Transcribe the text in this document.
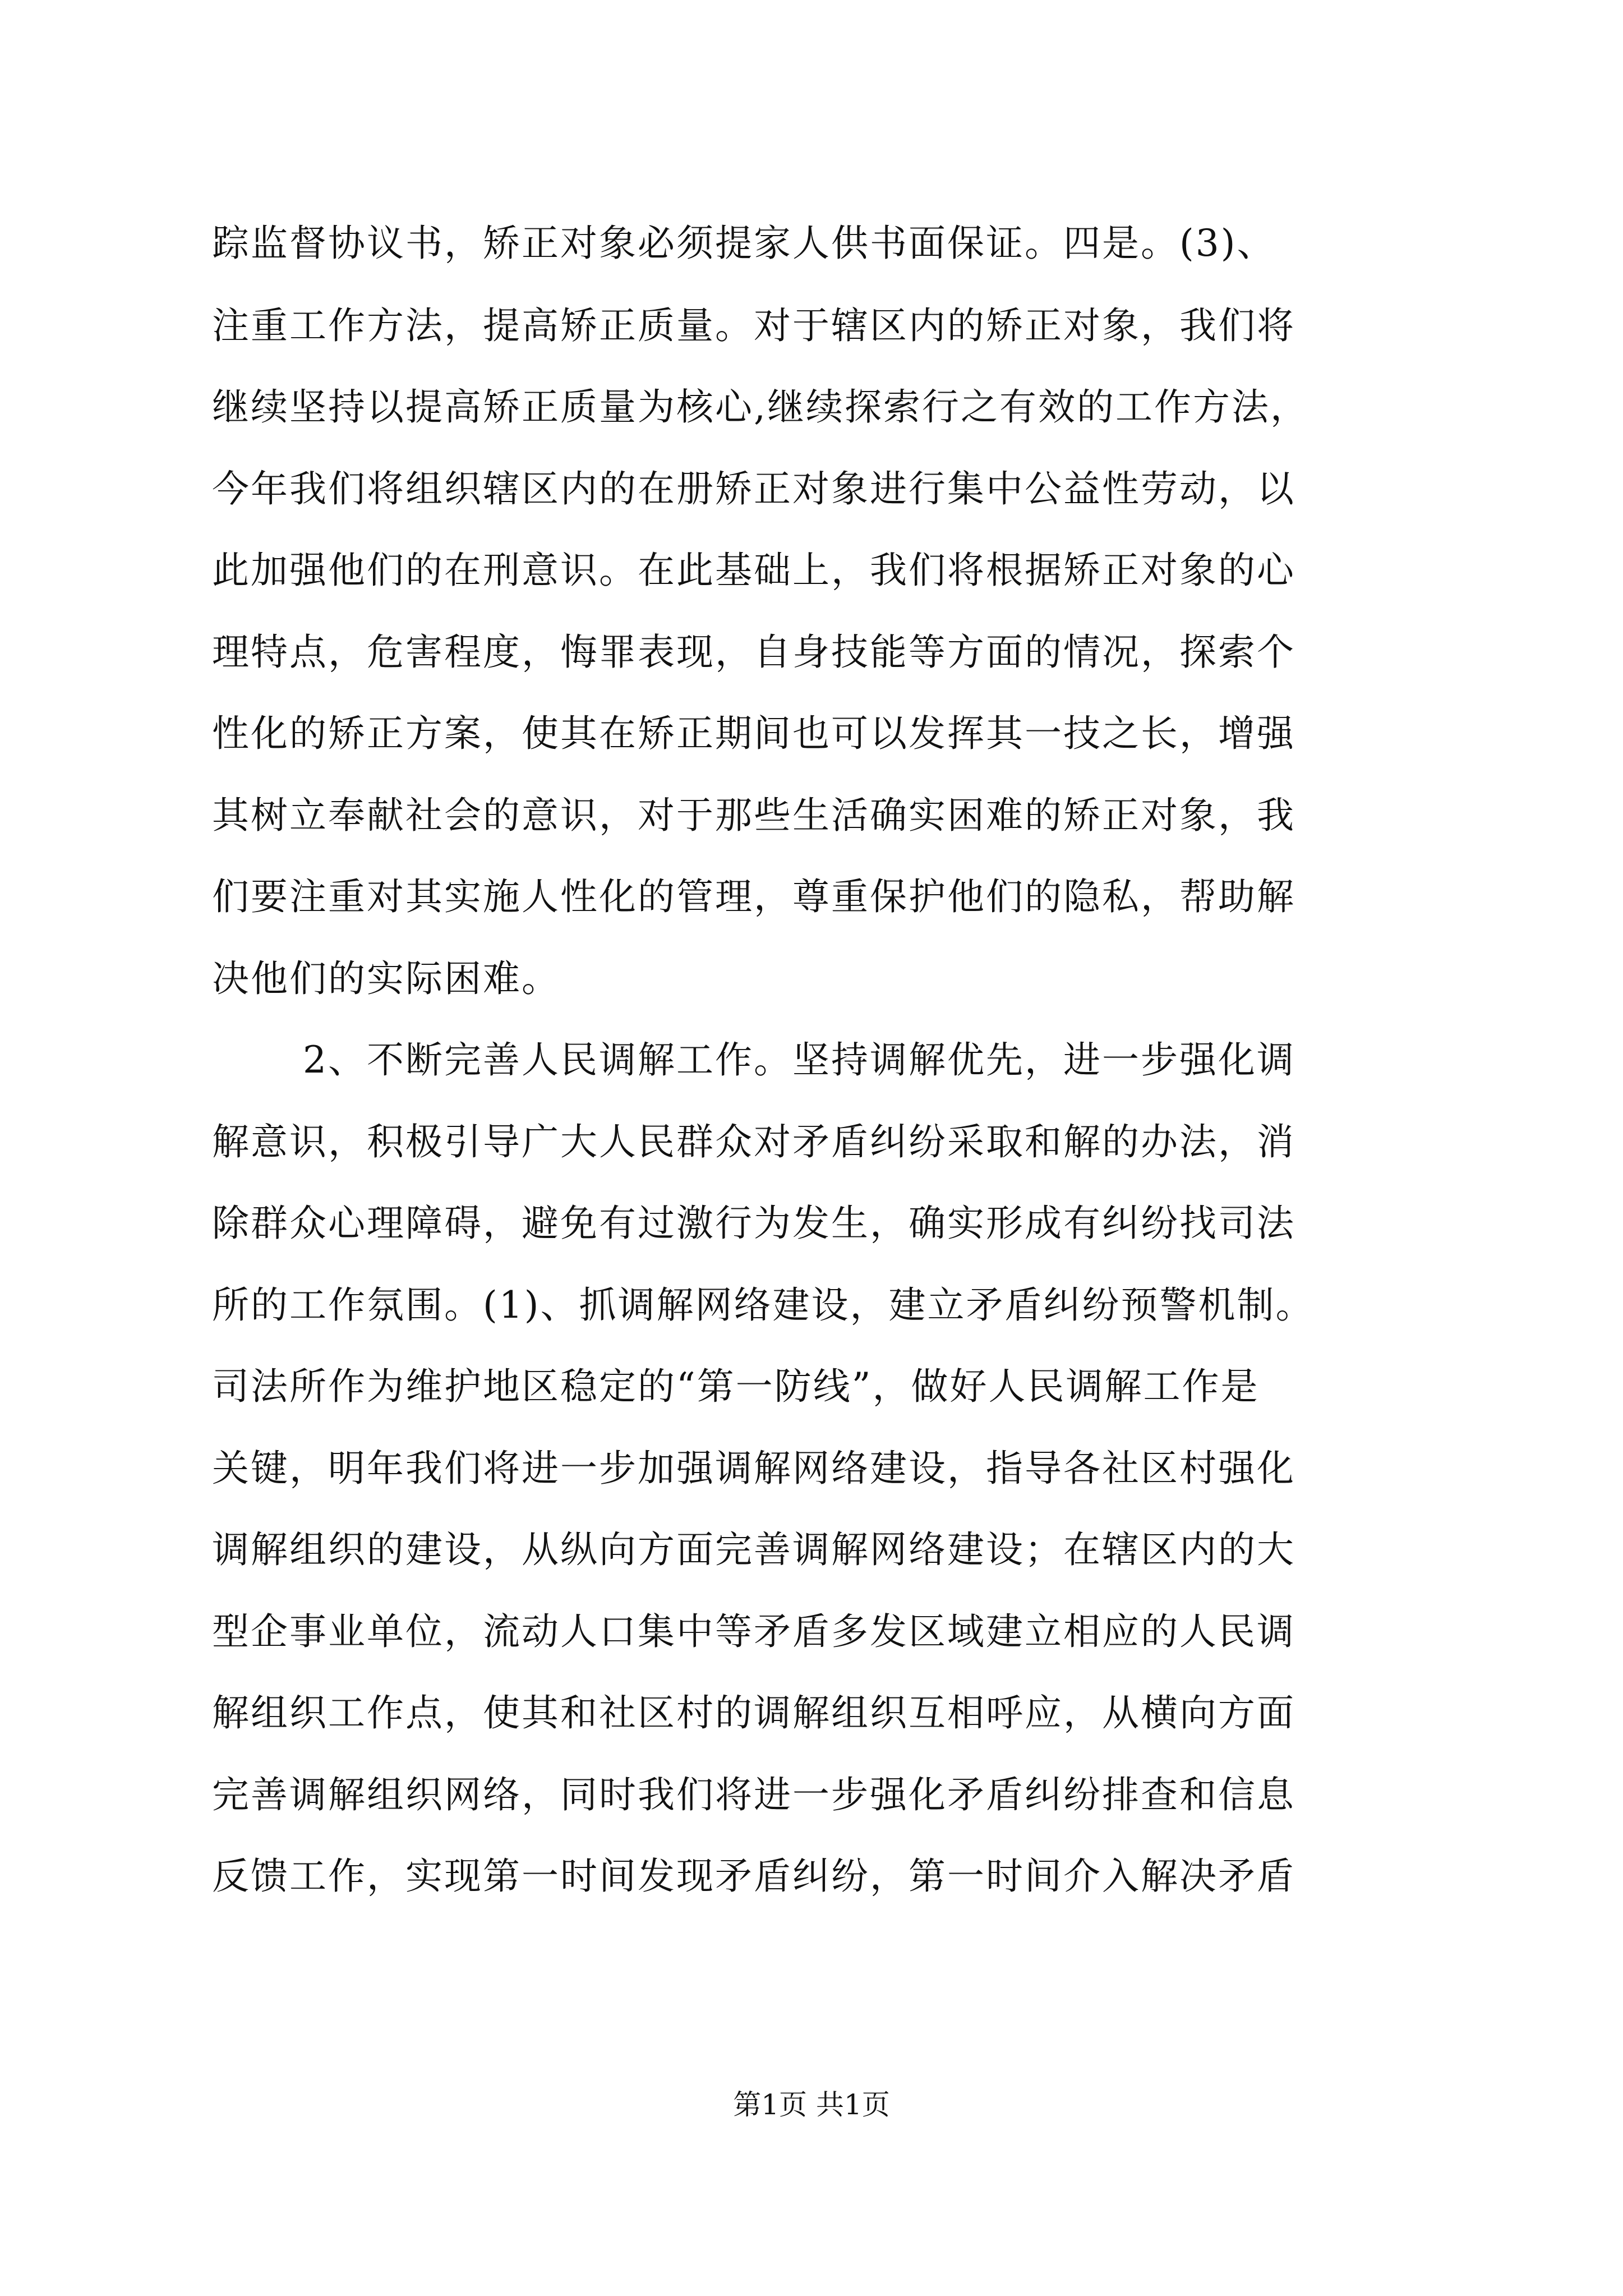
踪监督协议书，矫正对象必须提家人供书面保证。四是。(3)、
注重工作方法，提高矫正质量。对于辖区内的矫正对象，我们将
继续坚持以提高矫正质量为核心,继续探索行之有效的工作方法，
今年我们将组织辖区内的在册矫正对象进行集中公益性劳动，以
此加强他们的在刑意识。在此基础上，我们将根据矫正对象的心
理特点，危害程度，悔罪表现，自身技能等方面的情况，探索个
性化的矫正方案，使其在矫正期间也可以发挥其一技之长，增强
其树立奉献社会的意识，对于那些生活确实困难的矫正对象，我
们要注重对其实施人性化的管理，尊重保护他们的隐私，帮助解
决他们的实际困难。
2、不断完善人民调解工作。坚持调解优先，进一步强化调
解意识，积极引导广大人民群众对矛盾纠纷采取和解的办法，消
除群众心理障碍，避免有过激行为发生，确实形成有纠纷找司法
所的工作氛围。(1)、抓调解网络建设，建立矛盾纠纷预警机制。
司法所作为维护地区稳定的“第一防线”，做好人民调解工作是
关键，明年我们将进一步加强调解网络建设，指导各社区村强化
调解组织的建设，从纵向方面完善调解网络建设；在辖区内的大
型企事业单位，流动人口集中等矛盾多发区域建立相应的人民调
解组织工作点，使其和社区村的调解组织互相呼应，从横向方面
完善调解组织网络，同时我们将进一步强化矛盾纠纷排查和信息
反馈工作，实现第一时间发现矛盾纠纷，第一时间介入解决矛盾
第1页 共1页
